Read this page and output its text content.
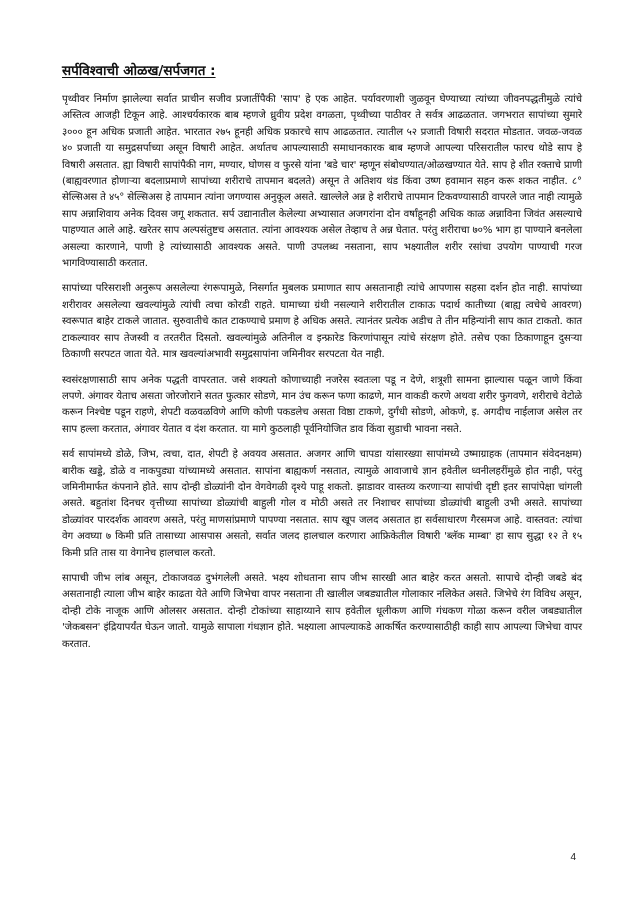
सर्पविश्वाची ओळख/सर्पजगत :

पृथ्वीवर निर्माण झालेल्या सर्वात प्राचीन सजीव प्रजातींपैकी 'साप' हे एक आहेत. पर्यावरणाशी जुळवून घेण्याच्या त्यांच्या जीवनपद्धतीमुळे त्यांचे अस्तित्व आजही टिकून आहे. आश्चर्यकारक बाब म्हणजे ध्रुवीय प्रदेश वगळता, पृथ्वीच्या पाठीवर ते सर्वत्र आढळतात. जगभरात सापांच्या सुमारे ३००० हून अधिक प्रजाती आहेत. भारतात २७५ हूनही अधिक प्रकारचे साप आढळतात. त्यातील ५२ प्रजाती विषारी सदरात मोडतात. जवळ-जवळ ४० प्रजाती या समुद्रसर्पाच्या असून विषारी आहेत. अर्थातच आपल्यासाठी समाधानकारक बाब म्हणजे आपल्या परिसरातील फारच थोडे साप हे विषारी असतात. ह्या विषारी सापांपैकी नाग, मण्यार, घोणस व फुरसे यांना 'बडे चार' म्हणून संबोधण्यात/ओळखण्यात येते. साप हे शीत रक्ताचे प्राणी (बाह्यवरणात होणाऱ्या बदलाप्रमाणे सापांच्या शरीराचे तापमान बदलते) असून ते अतिशय थंड किंवा उष्ण हवामान सहन करू शकत नाहीत. ८° सेल्सिअस ते ४५° सेल्सिअस हे तापमान त्यांना जगण्यास अनुकूल असते. खाल्लेले अन्न हे शरीराचे तापमान टिकवण्यासाठी वापरले जात नाही त्यामुळे साप अन्नाशिवाय अनेक दिवस जगू शकतात. सर्प उद्यानातील केलेल्या अभ्यासात अजगरांना दोन वर्षांहूनही अधिक काळ अन्नाविना जिवंत असल्याचे पाहण्यात आले आहे. खरेतर साप अल्पसंतुष्टच असतात. त्यांना आवश्यक असेल तेव्हाच ते अन्न घेतात. परंतु शरीराचा ७०% भाग हा पाण्याने बनलेला असल्या कारणाने, पाणी हे त्यांच्यासाठी आवश्यक असते. पाणी उपलब्ध नसताना, साप भक्ष्यातील शरीर रसांचा उपयोग पाण्याची गरज भागविण्यासाठी करतात.

सापांच्या परिसराशी अनुरूप असलेल्या रंगरूपामुळे, निसर्गात मुबलक प्रमाणात साप असतानाही त्यांचे आपणास सहसा दर्शन होत नाही. सापांच्या शरीरावर असलेल्या खवल्यांमुळे त्यांची त्वचा कोरडी राहते. घामाच्या ग्रंथी नसल्याने शरीरातील टाकाऊ पदार्थ कातीच्या (बाह्य त्वचेचे आवरण) स्वरूपात बाहेर टाकले जातात. सुरुवातीचे कात टाकण्याचे प्रमाण हे अधिक असते. त्यानंतर प्रत्येक अडीच ते तीन महिन्यांनी साप कात टाकतो. कात टाकल्यावर साप तेजस्वी व तरतरीत दिसतो. खवल्यांमुळे अतिनील व इन्फ्रारेड किरणांपासून त्यांचे संरक्षण होते. तसेच एका ठिकाणाहून दुसऱ्या ठिकाणी सरपटत जाता येते. मात्र खवल्यांअभावी समुद्रसापांना जमिनीवर सरपटता येत नाही.

स्वसंरक्षणासाठी साप अनेक पद्धती वापरतात. जसे शक्यतो कोणाच्याही नजरेस स्वतःला पडू न देणे, शत्रूशी सामना झाल्यास पळून जाणे किंवा लपणे. अंगावर येताच असता जोरजोराने सतत फुत्कार सोडणे, मान उंच करून फणा काढणे, मान वाकडी करणे अथवा शरीर फुगवणे, शरीराचे वेटोळे करून निश्चेष्ट पडून राहणे, शेपटी वळवळविणे आणि कोणी पकडलेच असता विष्ठा टाकणे, दुर्गंधी सोडणे, ओकणे, इ. अगदीच नाईलाज असेल तर साप हल्ला करतात, अंगावर येतात व दंश करतात. या मागे कुठलाही पूर्वनियोजित डाव किंवा सुडाची भावना नसते.

सर्व सापांमध्ये डोळे, जिभ, त्वचा, दात, शेपटी हे अवयव असतात. अजगर आणि चापडा यांसारख्या सापांमध्ये उष्माग्राहक (तापमान संवेदनक्षम) बारीक खड्डे, डोळे व नाकपुड्या यांच्यामध्ये असतात. सापांना बाह्यकर्ण नसतात, त्यामुळे आवाजाचे ज्ञान हवेतील ध्वनीलहरींमुळे होत नाही, परंतु जमिनीमार्फत कंपनाने होते. साप दोन्ही डोळ्यांनी दोन वेगवेगळी दृश्ये पाहू शकतो. झाडावर वास्तव्य करणाऱ्या सापांची दृष्टी इतर सापांपेक्षा चांगली असते. बहुतांश दिनचर वृत्तीच्या सापांच्या डोळ्यांची बाहुली गोल व मोठी असते तर निशाचर सापांच्या डोळ्यांची बाहुली उभी असते. सापांच्या डोळ्यांवर पारदर्शक आवरण असते, परंतु माणसांप्रमाणे पापण्या नसतात. साप खूप जलद असतात हा सर्वसाधारण गैरसमज आहे. वास्तवत: त्यांचा वेग अवघ्या ७ किमी प्रति तासाच्या आसपास असतो, सर्वात जलद हालचाल करणारा आफ्रिकेतील विषारी 'ब्लॅक माम्बा' हा साप सुद्धा १२ ते १५ किमी प्रति तास या वेगानेच हालचाल करतो.

सापाची जीभ लांब असून, टोकाजवळ दुभंगलेली असते. भक्ष्य शोधताना साप जीभ सारखी आत बाहेर करत असतो. सापाचे दोन्ही जबडे बंद असतानाही त्याला जीभ बाहेर काढता येते आणि जिभेचा वापर नसताना ती खालील जबड्यातील गोलाकार नलिकेत असते. जिभेचे रंग विविध असून, दोन्ही टोके नाजूक आणि ओलसर असतात. दोन्ही टोकांच्या साहाय्याने साप हवेतील धूलीकण आणि गंधकण गोळा करून वरील जबड्यातील 'जेकबसन' इंद्रियापर्यंत घेऊन जातो. यामुळे सापाला गंधज्ञान होते. भक्ष्याला आपल्याकडे आकर्षित करण्यासाठीही काही साप आपल्या जिभेचा वापर करतात.

4
